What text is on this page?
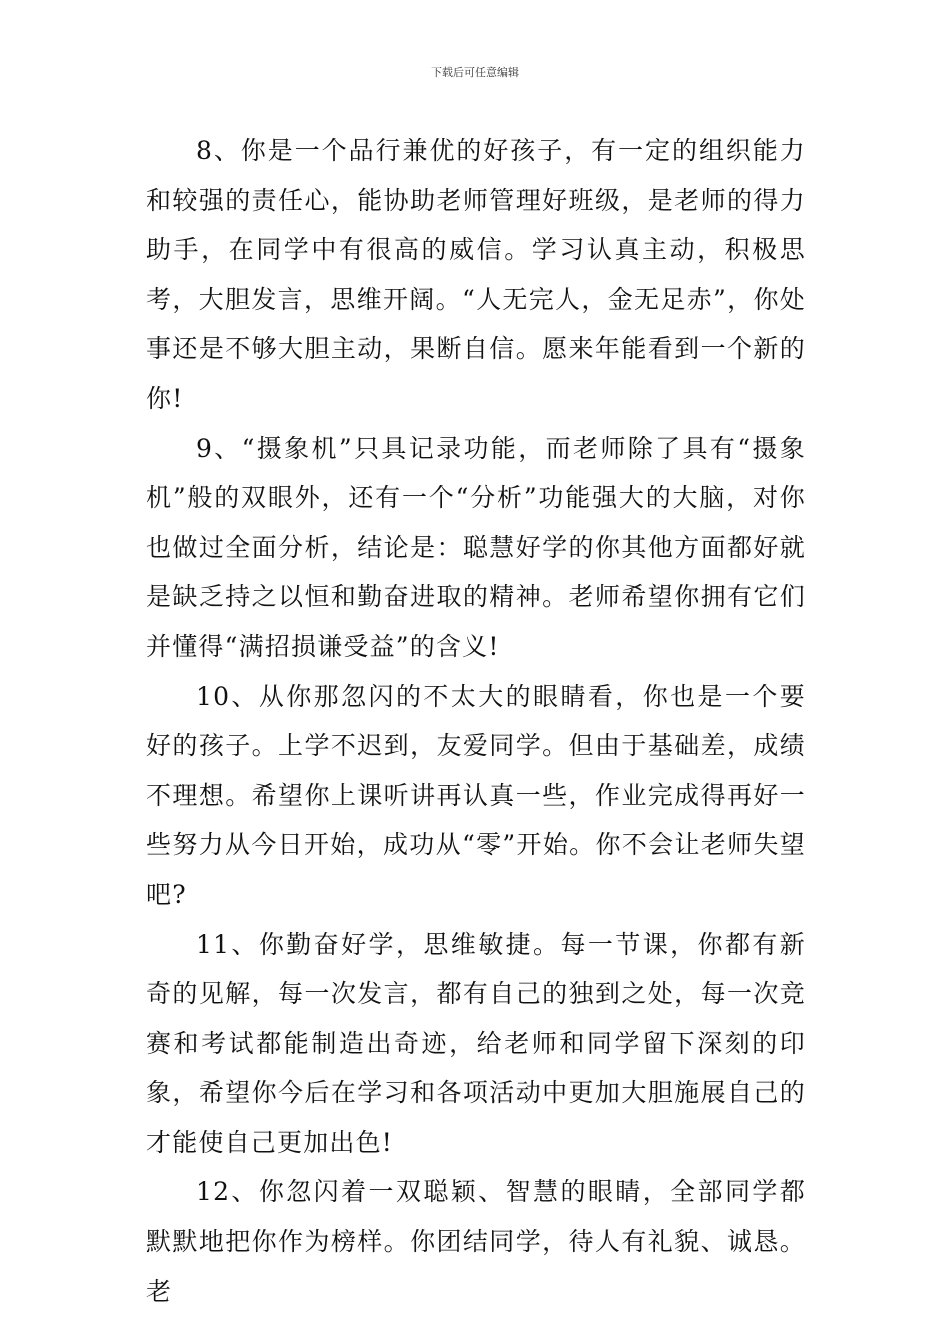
下载后可任意编辑

8、你是一个品行兼优的好孩子，有一定的组织能力和较强的责任心，能协助老师管理好班级，是老师的得力助手，在同学中有很高的威信。学习认真主动，积极思考，大胆发言，思维开阔。“人无完人，金无足赤”，你处事还是不够大胆主动，果断自信。愿来年能看到一个新的你!

9、“摄象机”只具记录功能，而老师除了具有“摄象机”般的双眼外，还有一个“分析”功能强大的大脑，对你也做过全面分析，结论是：聪慧好学的你其他方面都好就是缺乏持之以恒和勤奋进取的精神。老师希望你拥有它们并懂得“满招损谦受益”的含义!

10、从你那忽闪的不太大的眼睛看，你也是一个要好的孩子。上学不迟到，友爱同学。但由于基础差，成绩不理想。希望你上课听讲再认真一些，作业完成得再好一些努力从今日开始，成功从“零”开始。你不会让老师失望吧?

11、你勤奋好学，思维敏捷。每一节课，你都有新奇的见解，每一次发言，都有自己的独到之处，每一次竞赛和考试都能制造出奇迹，给老师和同学留下深刻的印象，希望你今后在学习和各项活动中更加大胆施展自己的才能使自己更加出色!

12、你忽闪着一双聪颖、智慧的眼睛，全部同学都默默地把你作为榜样。你团结同学，待人有礼貌、诚恳。老
